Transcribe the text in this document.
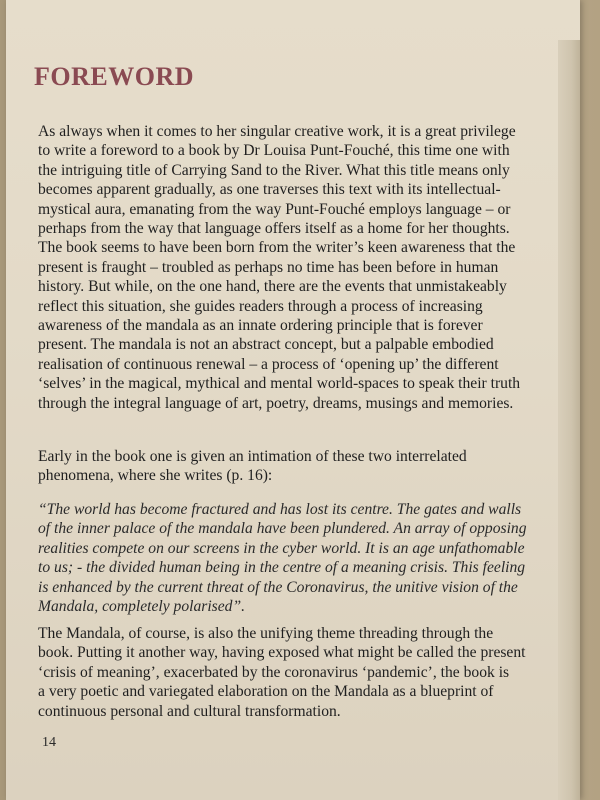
FOREWORD
As always when it comes to her singular creative work, it is a great privilege
to write a foreword to a book by Dr Louisa Punt-Fouché, this time one with
the intriguing title of Carrying Sand to the River. What this title means only
becomes apparent gradually, as one traverses this text with its intellectual-
mystical aura, emanating from the way Punt-Fouché employs language – or
perhaps from the way that language offers itself as a home for her thoughts.
The book seems to have been born from the writer’s keen awareness that the
present is fraught – troubled as perhaps no time has been before in human
history. But while, on the one hand, there are the events that unmistakeably
reflect this situation, she guides readers through a process of increasing
awareness of the mandala as an innate ordering principle that is forever
present. The mandala is not an abstract concept, but a palpable embodied
realisation of continuous renewal – a process of ‘opening up’ the different
‘selves’ in the magical, mythical and mental world-spaces to speak their truth
through the integral language of art, poetry, dreams, musings and memories.
Early in the book one is given an intimation of these two interrelated
phenomena, where she writes (p. 16):
“The world has become fractured and has lost its centre. The gates and walls
of the inner palace of the mandala have been plundered. An array of opposing
realities compete on our screens in the cyber world. It is an age unfathomable
to us; - the divided human being in the centre of a meaning crisis. This feeling
is enhanced by the current threat of the Coronavirus, the unitive vision of the
Mandala, completely polarised”.
The Mandala, of course, is also the unifying theme threading through the
book. Putting it another way, having exposed what might be called the present
‘crisis of meaning’, exacerbated by the coronavirus ‘pandemic’, the book is
a very poetic and variegated elaboration on the Mandala as a blueprint of
continuous personal and cultural transformation.
14
